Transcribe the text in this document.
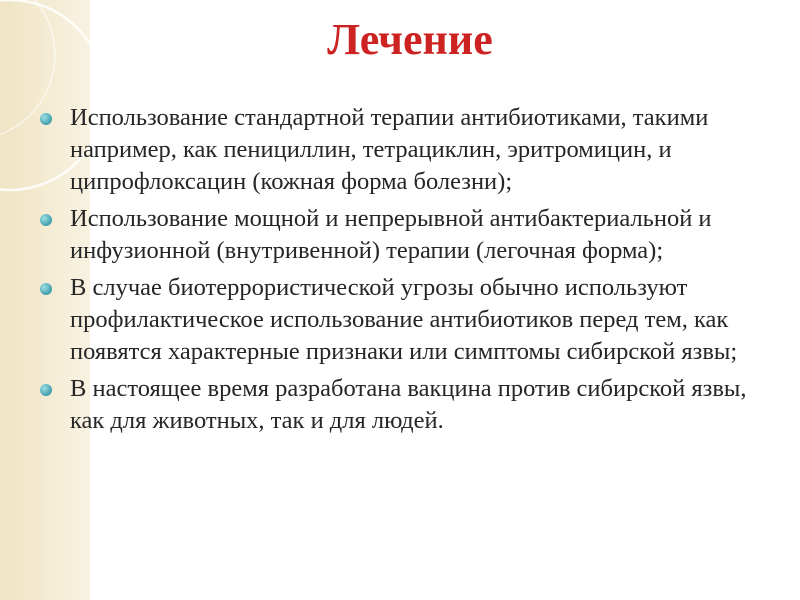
Лечение
Использование стандартной терапии антибиотиками, такими например, как пенициллин, тетрациклин, эритромицин, и ципрофлоксацин (кожная форма болезни);
Использование мощной и непрерывной антибактериальной и инфузионной (внутривенной) терапии (легочная форма);
В случае биотеррористической угрозы обычно используют профилактическое использование антибиотиков перед тем, как появятся характерные признаки или симптомы сибирской язвы;
В настоящее время разработана вакцина против сибирской язвы, как для животных, так и для людей.
